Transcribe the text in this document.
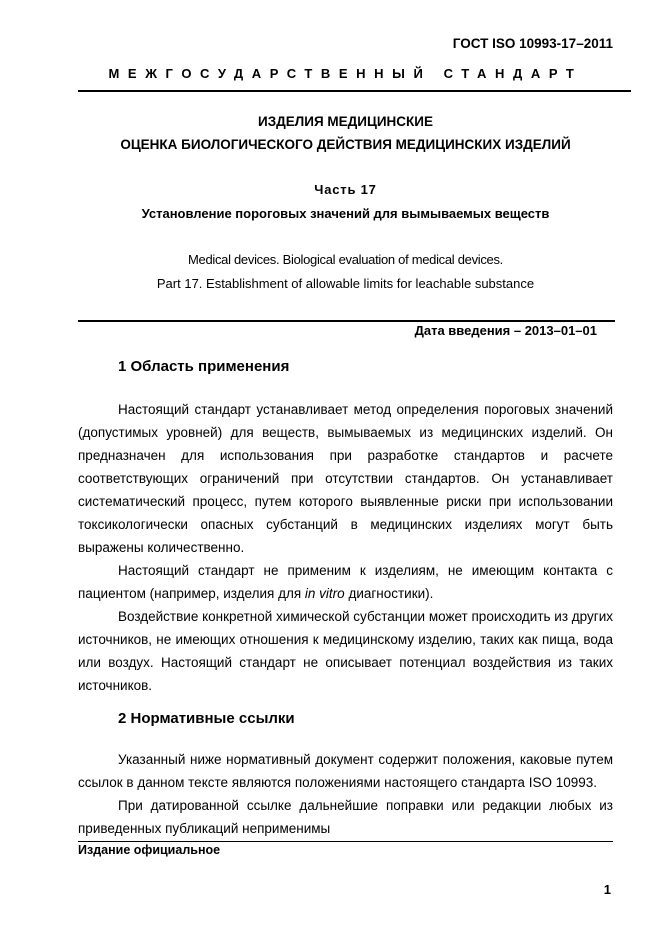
ГОСТ ISO 10993-17–2011
МЕЖГОСУДАРСТВЕННЫЙ СТАНДАРТ
ИЗДЕЛИЯ МЕДИЦИНСКИЕ
ОЦЕНКА БИОЛОГИЧЕСКОГО ДЕЙСТВИЯ МЕДИЦИНСКИХ ИЗДЕЛИЙ
Часть 17
Установление пороговых значений для вымываемых веществ
Medical devices. Biological evaluation of medical devices.
Part 17. Establishment of allowable limits for leachable substance
Дата введения – 2013–01–01
1 Область применения

Настоящий стандарт устанавливает метод определения пороговых значений (допустимых уровней) для веществ, вымываемых из медицинских изделий. Он предназначен для использования при разработке стандартов и расчете соответствующих ограничений при отсутствии стандартов. Он устанавливает систематический процесс, путем которого выявленные риски при использовании токсикологически опасных субстанций в медицинских изделиях могут быть выражены количественно.

Настоящий стандарт не применим к изделиям, не имеющим контакта с пациентом (например, изделия для in vitro диагностики).

Воздействие конкретной химической субстанции может происходить из других источников, не имеющих отношения к медицинскому изделию, таких как пища, вода или воздух. Настоящий стандарт не описывает потенциал воздействия из таких источников.

2 Нормативные ссылки

Указанный ниже нормативный документ содержит положения, каковые путем ссылок в данном тексте являются положениями настоящего стандарта ISO 10993.

При датированной ссылке дальнейшие поправки или редакции любых из приведенных публикаций неприменимы

Издание официальное
1
